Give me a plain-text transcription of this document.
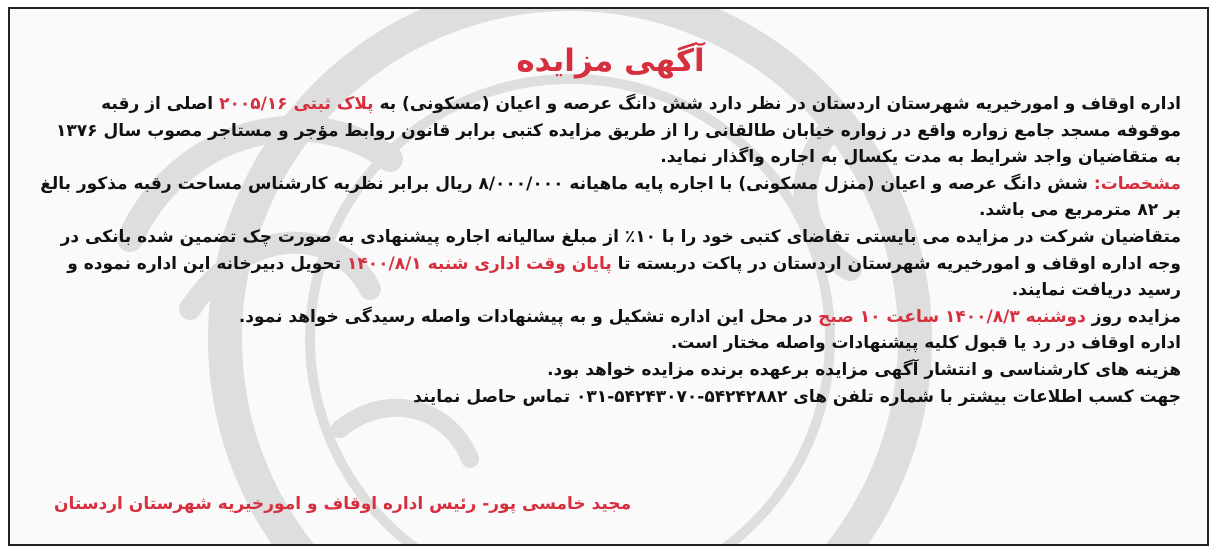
آگهی مزایده

اداره اوقاف و امورخیریه شهرستان اردستان در نظر دارد شش دانگ عرصه و اعیان (مسکونی) به پلاک ثبتی ۲۰۰۵/۱۶ اصلی از رقبه موقوفه مسجد جامع زواره واقع در زواره خیابان طالقانی را از طریق مزایده کتبی برابر قانون روابط مؤجر و مستاجر مصوب سال ۱۳۷۶ به متقاضیان واجد شرایط به مدت یکسال به اجاره واگذار نماید.

مشخصات: شش دانگ عرصه و اعیان (منزل مسکونی) با اجاره پایه ماهیانه ۸/۰۰۰/۰۰۰ ریال برابر نظریه کارشناس مساحت رقبه مذکور بالغ بر ۸۲ مترمربع می باشد.

متقاضیان شرکت در مزایده می بایستی تقاضای کتبی خود را با ۱۰٪ از مبلغ سالیانه اجاره پیشنهادی به صورت چک تضمین شده بانکی در وجه اداره اوقاف و امورخیریه شهرستان اردستان در پاکت دربسته تا پایان وقت اداری شنبه ۱۴۰۰/۸/۱ تحویل دبیرخانه این اداره نموده و رسید دریافت نمایند.

مزایده روز دوشنبه ۱۴۰۰/۸/۳ ساعت ۱۰ صبح در محل این اداره تشکیل و به پیشنهادات واصله رسیدگی خواهد نمود.

اداره اوقاف در رد یا قبول کلیه پیشنهادات واصله مختار است.

هزینه های کارشناسی و انتشار آگهی مزایده برعهده برنده مزایده خواهد بود.

جهت کسب اطلاعات بیشتر با شماره تلفن های ۵۴۲۴۲۸۸۲-۵۴۲۴۳۰۷۰-۰۳۱ تماس حاصل نمایند

مجید خامسی پور- رئیس اداره اوقاف و امورخیریه شهرستان اردستان
